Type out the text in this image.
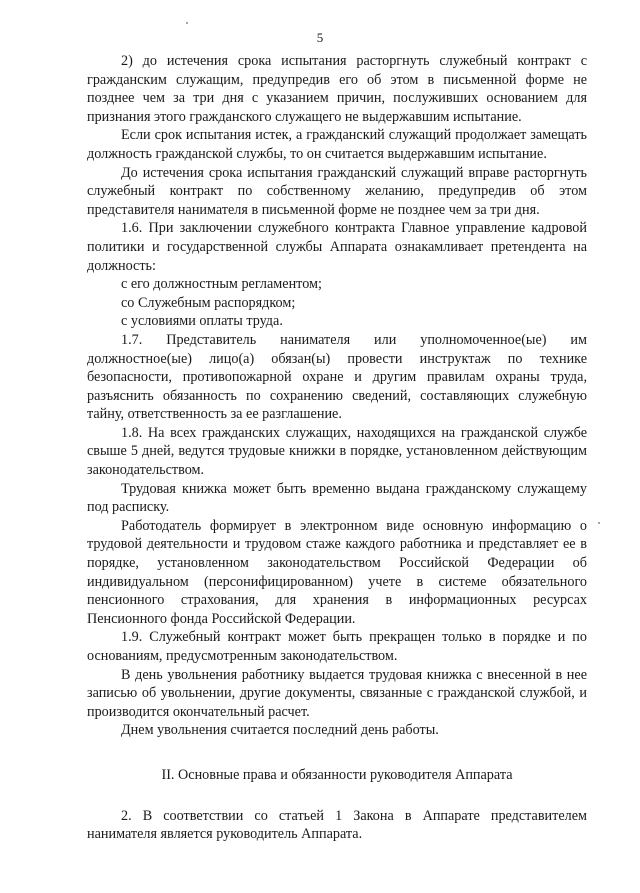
5

2) до истечения срока испытания расторгнуть служебный контракт с гражданским служащим, предупредив его об этом в письменной форме не позднее чем за три дня с указанием причин, послуживших основанием для признания этого гражданского служащего не выдержавшим испытание.

Если срок испытания истек, а гражданский служащий продолжает замещать должность гражданской службы, то он считается выдержавшим испытание.

До истечения срока испытания гражданский служащий вправе расторгнуть служебный контракт по собственному желанию, предупредив об этом представителя нанимателя в письменной форме не позднее чем за три дня.

1.6. При заключении служебного контракта Главное управление кадровой политики и государственной службы Аппарата ознакамливает претендента на должность:

с его должностным регламентом;

со Служебным распорядком;

с условиями оплаты труда.

1.7. Представитель нанимателя или уполномоченное(ые) им должностное(ые) лицо(а) обязан(ы) провести инструктаж по технике безопасности, противопожарной охране и другим правилам охраны труда, разъяснить обязанность по сохранению сведений, составляющих служебную тайну, ответственность за ее разглашение.

1.8. На всех гражданских служащих, находящихся на гражданской службе свыше 5 дней, ведутся трудовые книжки в порядке, установленном действующим законодательством.

Трудовая книжка может быть временно выдана гражданскому служащему под расписку.

Работодатель формирует в электронном виде основную информацию о трудовой деятельности и трудовом стаже каждого работника и представляет ее в порядке, установленном законодательством Российской Федерации об индивидуальном (персонифицированном) учете в системе обязательного пенсионного страхования, для хранения в информационных ресурсах Пенсионного фонда Российской Федерации.

1.9. Служебный контракт может быть прекращен только в порядке и по основаниям, предусмотренным законодательством.

В день увольнения работнику выдается трудовая книжка с внесенной в нее записью об увольнении, другие документы, связанные с гражданской службой, и производится окончательный расчет.

Днем увольнения считается последний день работы.

II. Основные права и обязанности руководителя Аппарата

2. В соответствии со статьей 1 Закона в Аппарате представителем нанимателя является руководитель Аппарата.
